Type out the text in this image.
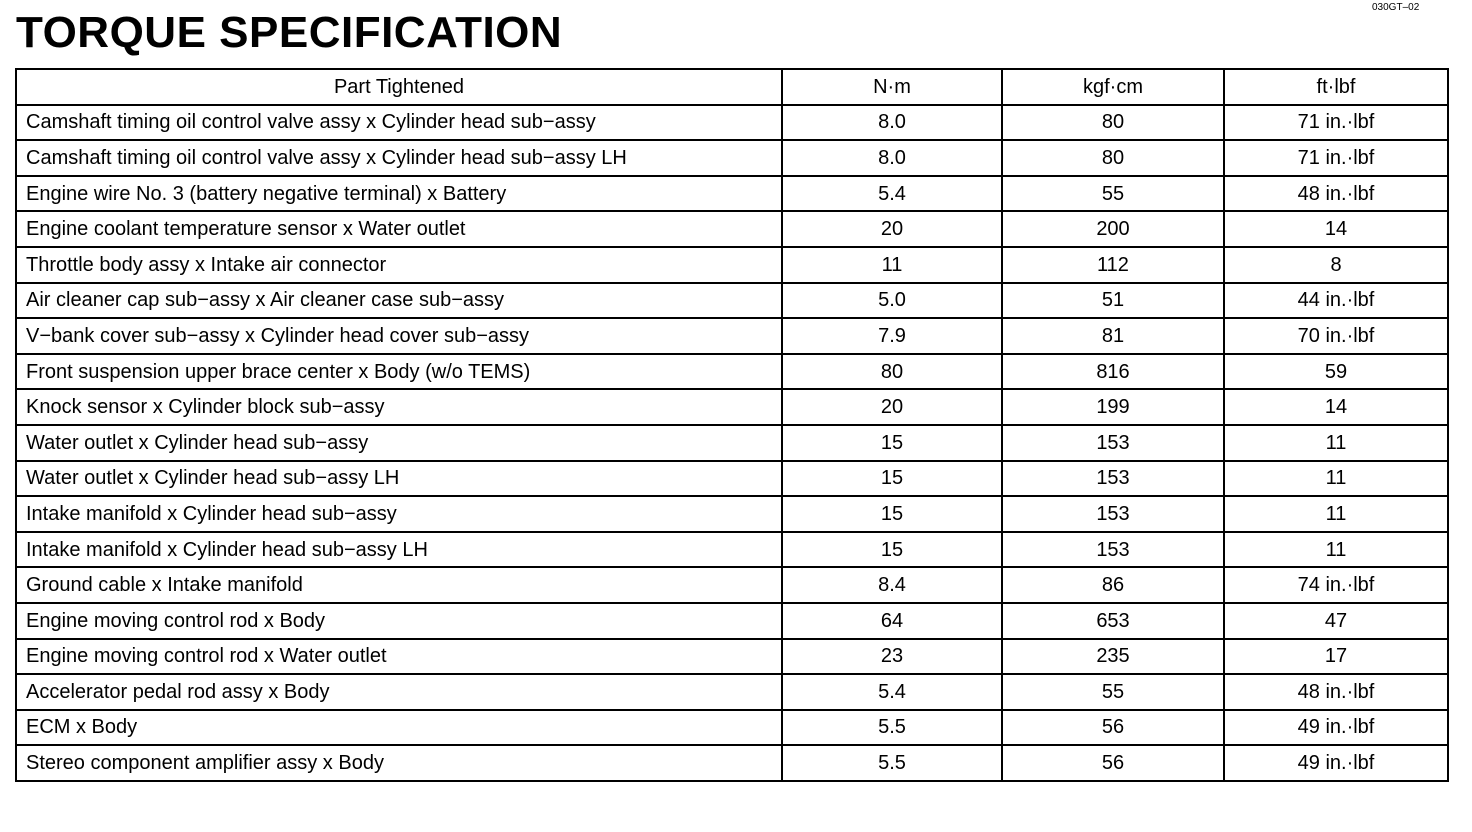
030GT–02
TORQUE SPECIFICATION
Part Tightened	N·m	kgf·cm	ft·lbf
Camshaft timing oil control valve assy x Cylinder head sub−assy	8.0	80	71 in.·lbf
Camshaft timing oil control valve assy x Cylinder head sub−assy LH	8.0	80	71 in.·lbf
Engine wire No. 3 (battery negative terminal) x Battery	5.4	55	48 in.·lbf
Engine coolant temperature sensor x Water outlet	20	200	14
Throttle body assy x Intake air connector	11	112	8
Air cleaner cap sub−assy x Air cleaner case sub−assy	5.0	51	44 in.·lbf
V−bank cover sub−assy x Cylinder head cover sub−assy	7.9	81	70 in.·lbf
Front suspension upper brace center x Body (w/o TEMS)	80	816	59
Knock sensor x Cylinder block sub−assy	20	199	14
Water outlet x Cylinder head sub−assy	15	153	11
Water outlet x Cylinder head sub−assy LH	15	153	11
Intake manifold x Cylinder head sub−assy	15	153	11
Intake manifold x Cylinder head sub−assy LH	15	153	11
Ground cable x Intake manifold	8.4	86	74 in.·lbf
Engine moving control rod x Body	64	653	47
Engine moving control rod x Water outlet	23	235	17
Accelerator pedal rod assy x Body	5.4	55	48 in.·lbf
ECM x Body	5.5	56	49 in.·lbf
Stereo component amplifier assy x Body	5.5	56	49 in.·lbf
